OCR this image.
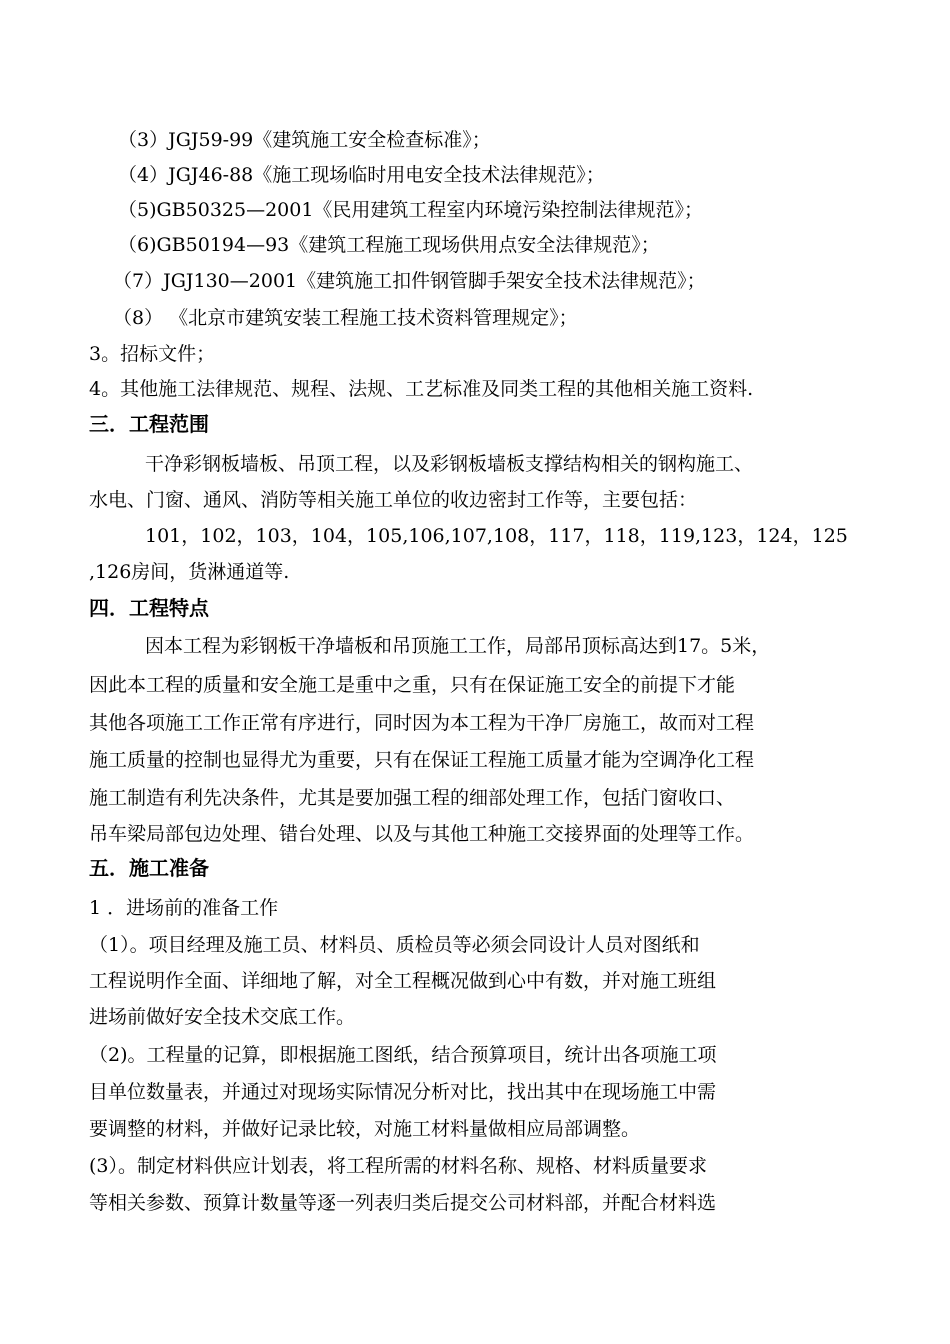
（3）JGJ59-99《建筑施工安全检查标准》；
（4）JGJ46-88《施工现场临时用电安全技术法律规范》；
（5)GB50325—2001《民用建筑工程室内环境污染控制法律规范》；
（6)GB50194—93《建筑工程施工现场供用点安全法律规范》；
（7）JGJ130—2001《建筑施工扣件钢管脚手架安全技术法律规范》；
（8） 《北京市建筑安装工程施工技术资料管理规定》；
3。招标文件；
4。其他施工法律规范、规程、法规、工艺标准及同类工程的其他相关施工资料.
三．工程范围
干净彩钢板墙板、吊顶工程，以及彩钢板墙板支撑结构相关的钢构施工、
水电、门窗、通风、消防等相关施工单位的收边密封工作等，主要包括：
101，102，103，104，105,106,107,108，117，118，119,123，124，125
,126房间，货淋通道等.
四．工程特点
因本工程为彩钢板干净墙板和吊顶施工工作，局部吊顶标高达到17。5米，
因此本工程的质量和安全施工是重中之重，只有在保证施工安全的前提下才能
其他各项施工工作正常有序进行，同时因为本工程为干净厂房施工，故而对工程
施工质量的控制也显得尤为重要，只有在保证工程施工质量才能为空调净化工程
施工制造有利先决条件，尤其是要加强工程的细部处理工作，包括门窗收口、
吊车梁局部包边处理、错台处理、以及与其他工种施工交接界面的处理等工作。
五．施工准备
1 ．进场前的准备工作
（1）。项目经理及施工员、材料员、质检员等必须会同设计人员对图纸和
工程说明作全面、详细地了解，对全工程概况做到心中有数，并对施工班组
进场前做好安全技术交底工作。
（2)。工程量的记算，即根据施工图纸，结合预算项目，统计出各项施工项
目单位数量表，并通过对现场实际情况分析对比，找出其中在现场施工中需
要调整的材料，并做好记录比较，对施工材料量做相应局部调整。
(3）。制定材料供应计划表，将工程所需的材料名称、规格、材料质量要求
等相关参数、预算计数量等逐一列表归类后提交公司材料部，并配合材料选
